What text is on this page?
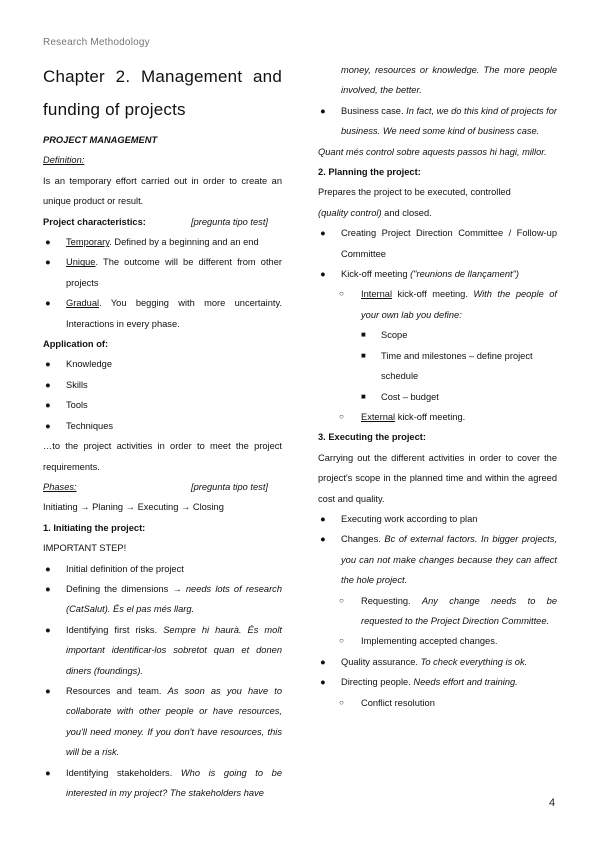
Research Methodology
Chapter 2. Management and funding of projects

PROJECT MANAGEMENT

Definition:

Is an temporary effort carried out in order to create an unique product or result.

Project characteristics:	[pregunta tipo test]
●	Temporary. Defined by a beginning and an end
●	Unique. The outcome will be different from other projects
●	Gradual. You begging with more uncertainty. Interactions in every phase.

Application of:

●	Knowledge
●	Skills
●	Tools
●	Techniques

…to the project activities in order to meet the project requirements.

Phases:	[pregunta tipo test]

Initiating → Planing → Executing → Closing

1. Initiating the project:

IMPORTANT STEP!

●	Initial definition of the project
●	Defining the dimensions → needs lots of research (CatSalut). És el pas més llarg.
●	Identifying first risks. Sempre hi haurà. És molt important identificar-los sobretot quan et donen diners (foundings).
●	Resources and team. As soon as you have to collaborate with other people or have resources, you'll need money. If you don't have resources, this will be a risk.
●	Identifying stakeholders. Who is going to be interested in my project? The stakeholders have

money, resources or knowledge. The more people involved, the better.

●	Business case. In fact, we do this kind of projects for business. We need some kind of business case.

Quant més control sobre aquests passos hi hagi, millor.

2. Planning the project:

Prepares the project to be executed, controlled
(quality control) and closed.

●	Creating Project Direction Committee / Follow-up Committee
●	Kick-off meeting ("reunions de llançament")
○	Internal kick-off meeting. With the people of your own lab you define:
■	Scope
■	Time and milestones – define project schedule
■	Cost – budget
○	External kick-off meeting.

3. Executing the project:

Carrying out the different activities in order to cover the project's scope in the planned time and within the agreed cost and quality.

●	Executing work according to plan
●	Changes. Bc of external factors. In bigger projects, you can not make changes because they can affect the hole project.
○	Requesting. Any change needs to be requested to the Project Direction Committee.
○	Implementing accepted changes.
●	Quality assurance. To check everything is ok.
●	Directing people. Needs effort and training.
○	Conflict resolution
4
